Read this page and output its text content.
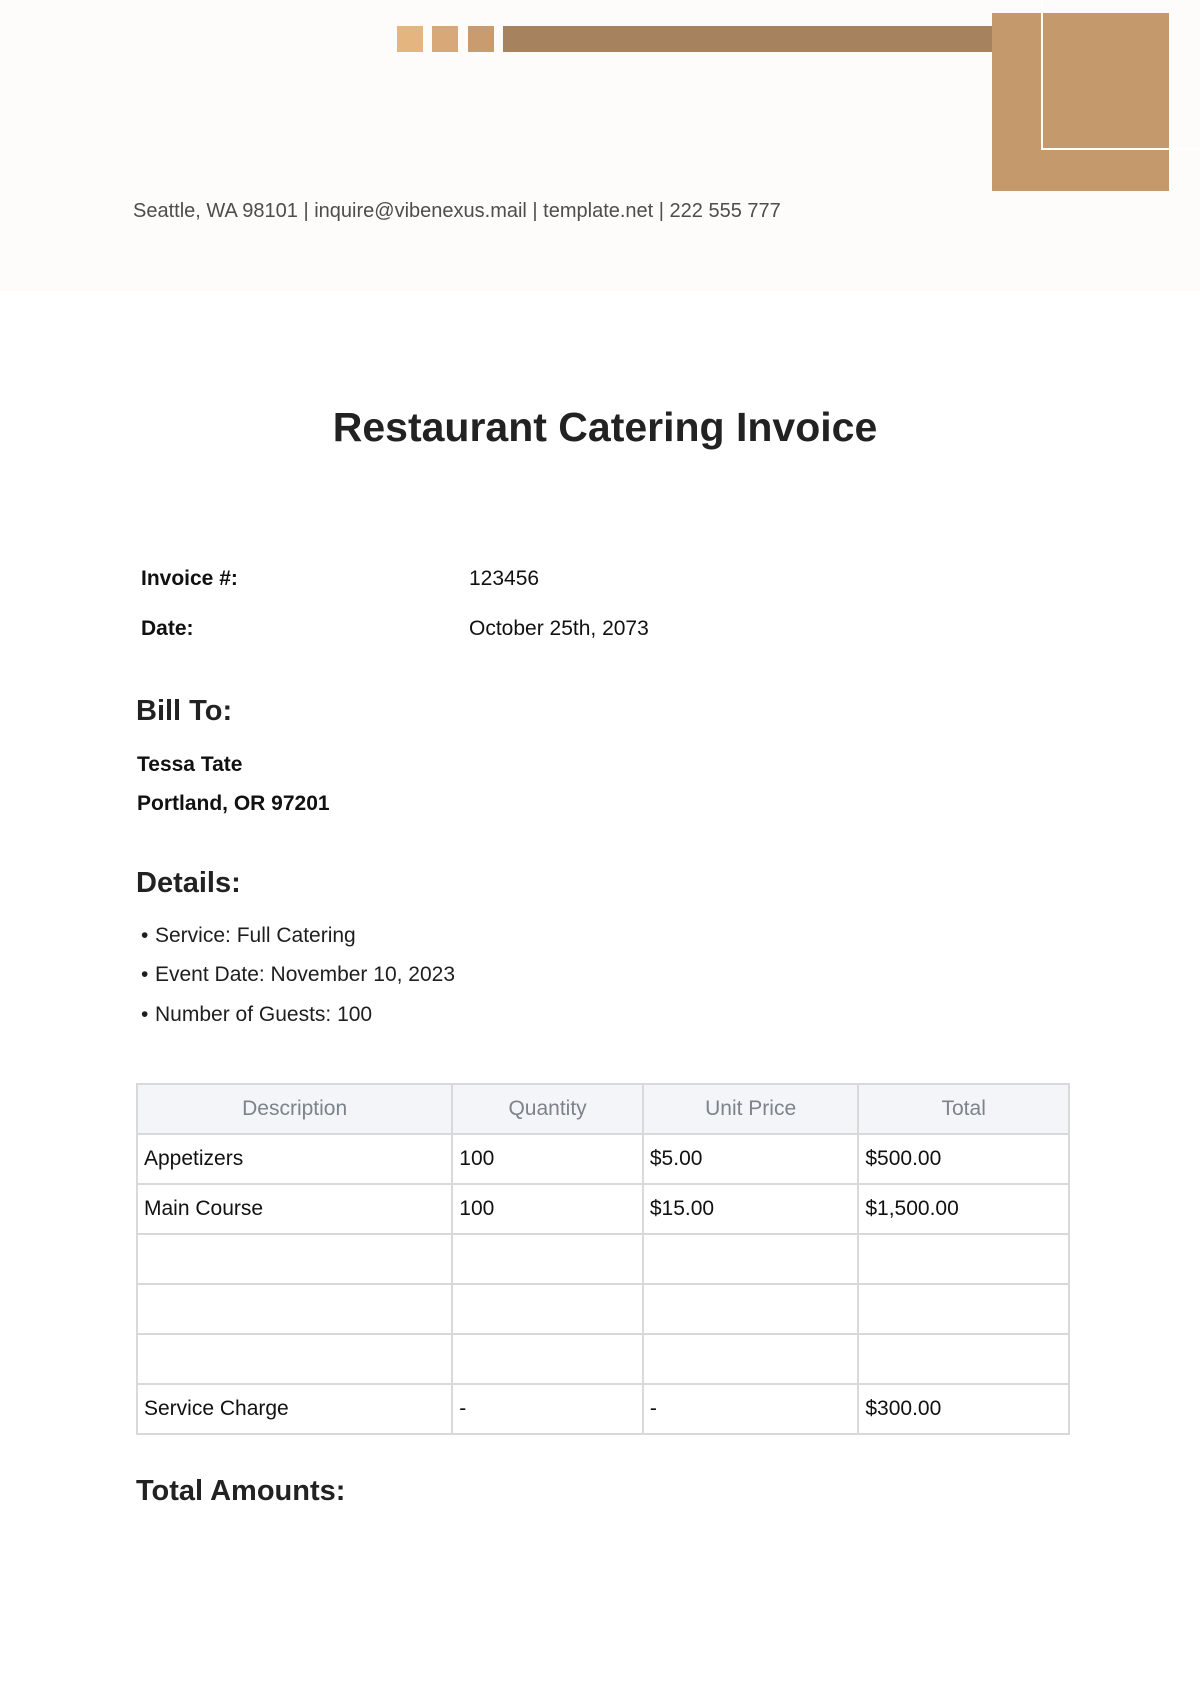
Seattle, WA 98101 | inquire@vibenexus.mail | template.net | 222 555 777
Restaurant Catering Invoice
Invoice #:	123456
Date:	October 25th, 2073
Bill To:
Tessa Tate
Portland, OR 97201
Details:
• Service: Full Catering
• Event Date: November 10, 2023
• Number of Guests: 100
Description	Quantity	Unit Price	Total
Appetizers	100	$5.00	$500.00
Main Course	100	$15.00	$1,500.00

Service Charge	-	-	$300.00
Total Amounts:
